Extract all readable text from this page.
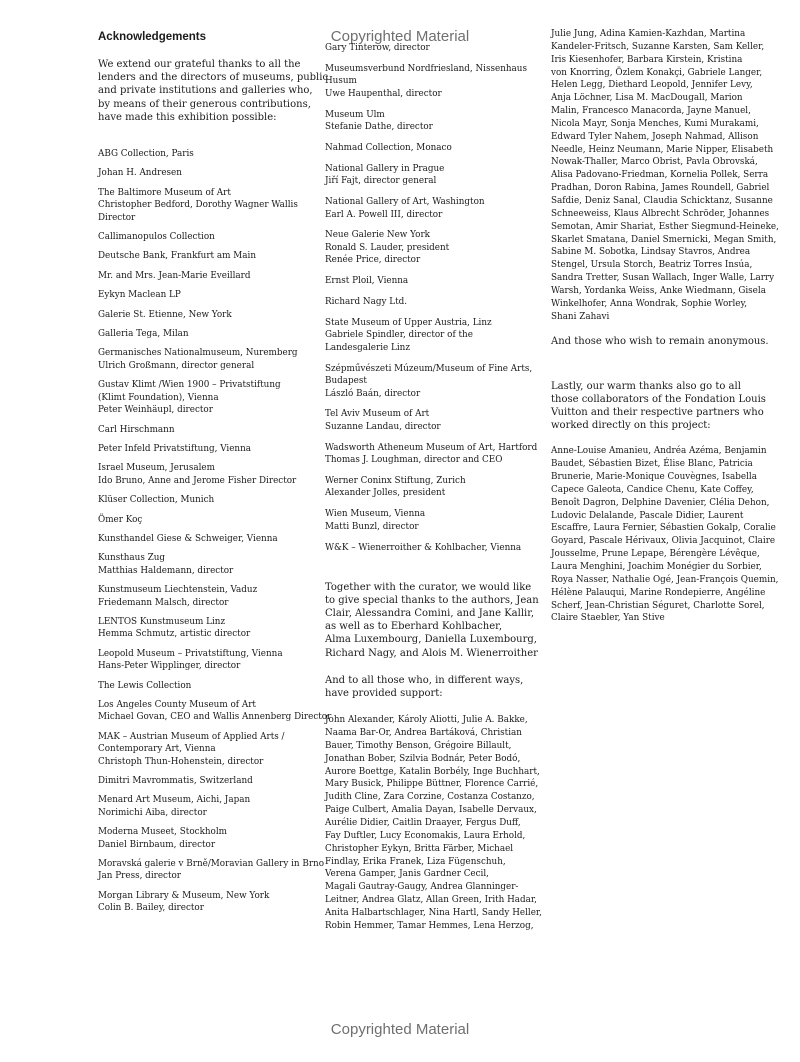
Copyrighted Material
Copyrighted Material
Acknowledgements

We extend our grateful thanks to all the
lenders and the directors of museums, public
and private institutions and galleries who,
by means of their generous contributions,
have made this exhibition possible:

ABG Collection, Paris
Johan H. Andresen
The Baltimore Museum of Art
Christopher Bedford, Dorothy Wagner Wallis
Director
Callimanopulos Collection
Deutsche Bank, Frankfurt am Main
Mr. and Mrs. Jean-Marie Eveillard
Eykyn Maclean LP
Galerie St. Etienne, New York
Galleria Tega, Milan
Germanisches Nationalmuseum, Nuremberg
Ulrich Großmann, director general
Gustav Klimt /Wien 1900 – Privatstiftung
(Klimt Foundation), Vienna
Peter Weinhäupl, director
Carl Hirschmann
Peter Infeld Privatstiftung, Vienna
Israel Museum, Jerusalem
Ido Bruno, Anne and Jerome Fisher Director
Klüser Collection, Munich
Ömer Koç
Kunsthandel Giese & Schweiger, Vienna
Kunsthaus Zug
Matthias Haldemann, director
Kunstmuseum Liechtenstein, Vaduz
Friedemann Malsch, director
LENTOS Kunstmuseum Linz
Hemma Schmutz, artistic director
Leopold Museum – Privatstiftung, Vienna
Hans-Peter Wipplinger, director
The Lewis Collection
Los Angeles County Museum of Art
Michael Govan, CEO and Wallis Annenberg Director
MAK – Austrian Museum of Applied Arts /
Contemporary Art, Vienna
Christoph Thun-Hohenstein, director
Dimitri Mavrommatis, Switzerland
Menard Art Museum, Aichi, Japan
Norimichi Aiba, director
Moderna Museet, Stockholm
Daniel Birnbaum, director
Moravská galerie v Brně/Moravian Gallery in Brno
Jan Press, director
Morgan Library & Museum, New York
Colin B. Bailey, director
Gary Tinterow, director
Museumsverbund Nordfriesland, Nissenhaus
Husum
Uwe Haupenthal, director
Museum Ulm
Stefanie Dathe, director
Nahmad Collection, Monaco
National Gallery in Prague
Jiří Fajt, director general
National Gallery of Art, Washington
Earl A. Powell III, director
Neue Galerie New York
Ronald S. Lauder, president
Renée Price, director
Ernst Ploil, Vienna
Richard Nagy Ltd.
State Museum of Upper Austria, Linz
Gabriele Spindler, director of the
Landesgalerie Linz
Szépművészeti Múzeum/Museum of Fine Arts,
Budapest
László Baán, director
Tel Aviv Museum of Art
Suzanne Landau, director
Wadsworth Atheneum Museum of Art, Hartford
Thomas J. Loughman, director and CEO
Werner Coninx Stiftung, Zurich
Alexander Jolles, president
Wien Museum, Vienna
Matti Bunzl, director
W&K – Wienerroither & Kohlbacher, Vienna

Together with the curator, we would like
to give special thanks to the authors, Jean
Clair, Alessandra Comini, and Jane Kallir,
as well as to Eberhard Kohlbacher,
Alma Luxembourg, Daniella Luxembourg,
Richard Nagy, and Alois M. Wienerroither

And to all those who, in different ways,
have provided support:

John Alexander, Károly Aliotti, Julie A. Bakke,
Naama Bar-Or, Andrea Bartáková, Christian
Bauer, Timothy Benson, Grégoire Billault,
Jonathan Bober, Szilvia Bodnár, Peter Bodó,
Aurore Boettge, Katalin Borbély, Inge Buchhart,
Mary Busick, Philippe Büttner, Florence Carrié,
Judith Cline, Zara Corzine, Costanza Costanzo,
Paige Culbert, Amalia Dayan, Isabelle Dervaux,
Aurélie Didier, Caitlin Draayer, Fergus Duff,
Fay Duftler, Lucy Economakis, Laura Erhold,
Christopher Eykyn, Britta Färber, Michael
Findlay, Erika Franek, Liza Fügenschuh,
Verena Gamper, Janis Gardner Cecil,
Magali Gautray-Gaugy, Andrea Glanninger-
Leitner, Andrea Glatz, Allan Green, Irith Hadar,
Anita Halbartschlager, Nina Hartl, Sandy Heller,
Robin Hemmer, Tamar Hemmes, Lena Herzog,

Julie Jung, Adina Kamien-Kazhdan, Martina
Kandeler-Fritsch, Suzanne Karsten, Sam Keller,
Iris Kiesenhofer, Barbara Kirstein, Kristina
von Knorring, Özlem Konakçi, Gabriele Langer,
Helen Legg, Diethard Leopold, Jennifer Levy,
Anja Löchner, Lisa M. MacDougall, Marion
Malin, Francesco Manacorda, Jayne Manuel,
Nicola Mayr, Sonja Menches, Kumi Murakami,
Edward Tyler Nahem, Joseph Nahmad, Allison
Needle, Heinz Neumann, Marie Nipper, Elisabeth
Nowak-Thaller, Marco Obrist, Pavla Obrovská,
Alisa Padovano-Friedman, Kornelia Pollek, Serra
Pradhan, Doron Rabina, James Roundell, Gabriel
Safdie, Deniz Sanal, Claudia Schicktanz, Susanne
Schneeweiss, Klaus Albrecht Schröder, Johannes
Semotan, Amir Shariat, Esther Siegmund-Heineke,
Skarlet Smatana, Daniel Smernicki, Megan Smith,
Sabine M. Sobotka, Lindsay Stavros, Andrea
Stengel, Ursula Storch, Beatriz Torres Insúa,
Sandra Tretter, Susan Wallach, Inger Walle, Larry
Warsh, Yordanka Weiss, Anke Wiedmann, Gisela
Winkelhofer, Anna Wondrak, Sophie Worley,
Shani Zahavi

And those who wish to remain anonymous.

Lastly, our warm thanks also go to all
those collaborators of the Fondation Louis
Vuitton and their respective partners who
worked directly on this project:

Anne-Louise Amanieu, Andréa Azéma, Benjamin
Baudet, Sébastien Bizet, Élise Blanc, Patricia
Brunerie, Marie-Monique Couvègnes, Isabella
Capece Galeota, Candice Chenu, Kate Coffey,
Benoît Dagron, Delphine Davenier, Clélia Dehon,
Ludovic Delalande, Pascale Didier, Laurent
Escaffre, Laura Fernier, Sébastien Gokalp, Coralie
Goyard, Pascale Hérivaux, Olivia Jacquinot, Claire
Jousselme, Prune Lepape, Bérengère Lévêque,
Laura Menghini, Joachim Monégier du Sorbier,
Roya Nasser, Nathalie Ogé, Jean-François Quemin,
Hélène Palauqui, Marine Rondepierre, Angéline
Scherf, Jean-Christian Séguret, Charlotte Sorel,
Claire Staebler, Yan Stive
